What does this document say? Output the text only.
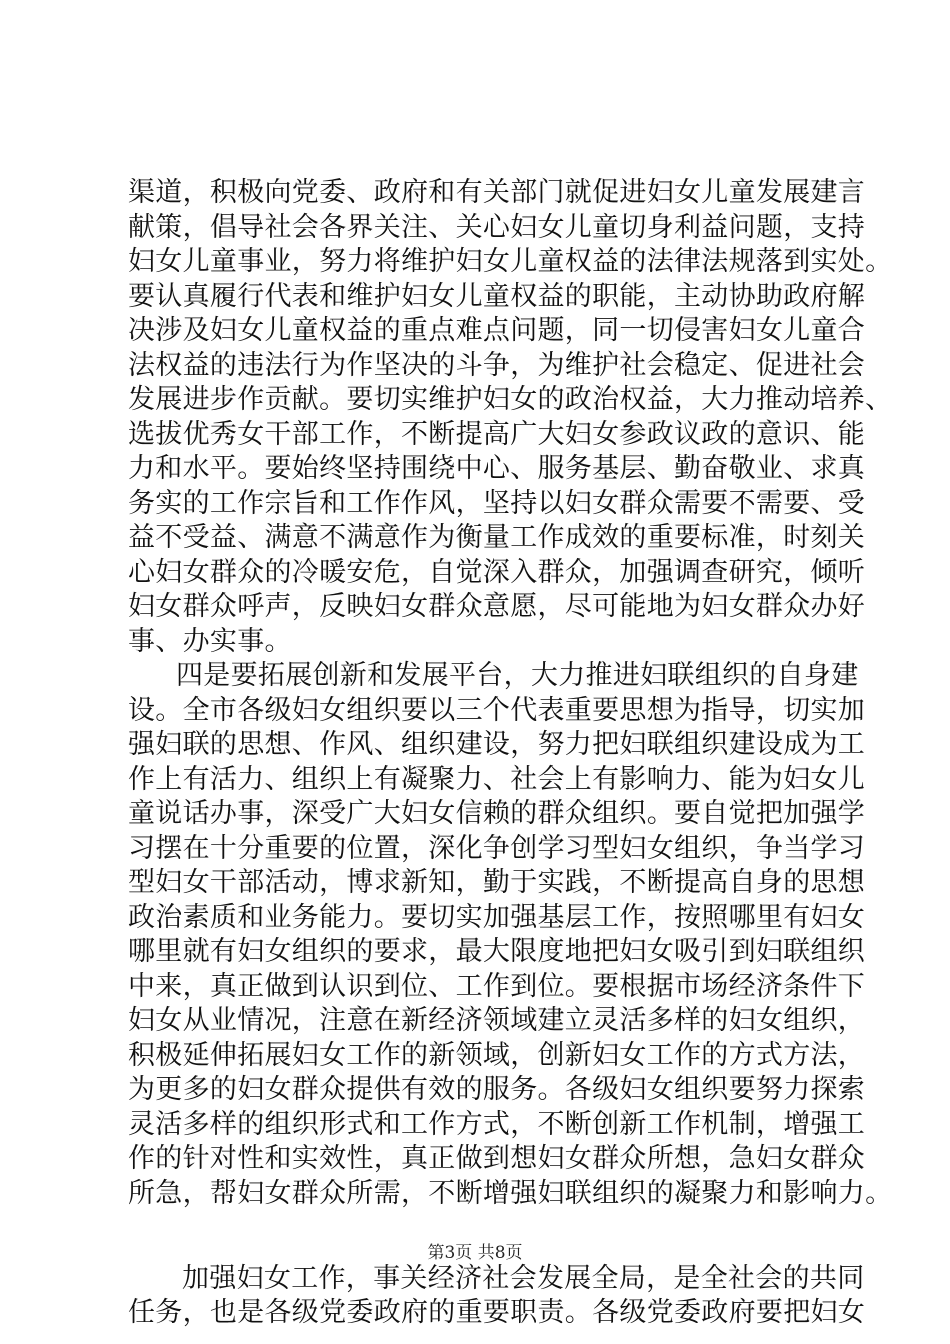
渠道，积极向党委、政府和有关部门就促进妇女儿童发展建言
献策，倡导社会各界关注、关心妇女儿童切身利益问题，支持
妇女儿童事业，努力将维护妇女儿童权益的法律法规落到实处。
要认真履行代表和维护妇女儿童权益的职能，主动协助政府解
决涉及妇女儿童权益的重点难点问题，同一切侵害妇女儿童合
法权益的违法行为作坚决的斗争，为维护社会稳定、促进社会
发展进步作贡献。要切实维护妇女的政治权益，大力推动培养、
选拔优秀女干部工作，不断提高广大妇女参政议政的意识、能
力和水平。要始终坚持围绕中心、服务基层、勤奋敬业、求真
务实的工作宗旨和工作作风，坚持以妇女群众需要不需要、受
益不受益、满意不满意作为衡量工作成效的重要标准，时刻关
心妇女群众的冷暖安危，自觉深入群众，加强调查研究，倾听
妇女群众呼声，反映妇女群众意愿，尽可能地为妇女群众办好
事、办实事。
四是要拓展创新和发展平台，大力推进妇联组织的自身建
设。全市各级妇女组织要以三个代表重要思想为指导，切实加
强妇联的思想、作风、组织建设，努力把妇联组织建设成为工
作上有活力、组织上有凝聚力、社会上有影响力、能为妇女儿
童说话办事，深受广大妇女信赖的群众组织。要自觉把加强学
习摆在十分重要的位置，深化争创学习型妇女组织，争当学习
型妇女干部活动，博求新知，勤于实践，不断提高自身的思想
政治素质和业务能力。要切实加强基层工作，按照哪里有妇女
哪里就有妇女组织的要求，最大限度地把妇女吸引到妇联组织
中来，真正做到认识到位、工作到位。要根据市场经济条件下
妇女从业情况，注意在新经济领域建立灵活多样的妇女组织，
积极延伸拓展妇女工作的新领域，创新妇女工作的方式方法，
为更多的妇女群众提供有效的服务。各级妇女组织要努力探索
灵活多样的组织形式和工作方式，不断创新工作机制，增强工
作的针对性和实效性，真正做到想妇女群众所想，急妇女群众
所急，帮妇女群众所需，不断增强妇联组织的凝聚力和影响力。
加强妇女工作，事关经济社会发展全局，是全社会的共同
任务，也是各级党委政府的重要职责。各级党委政府要把妇女
第3页 共8页
